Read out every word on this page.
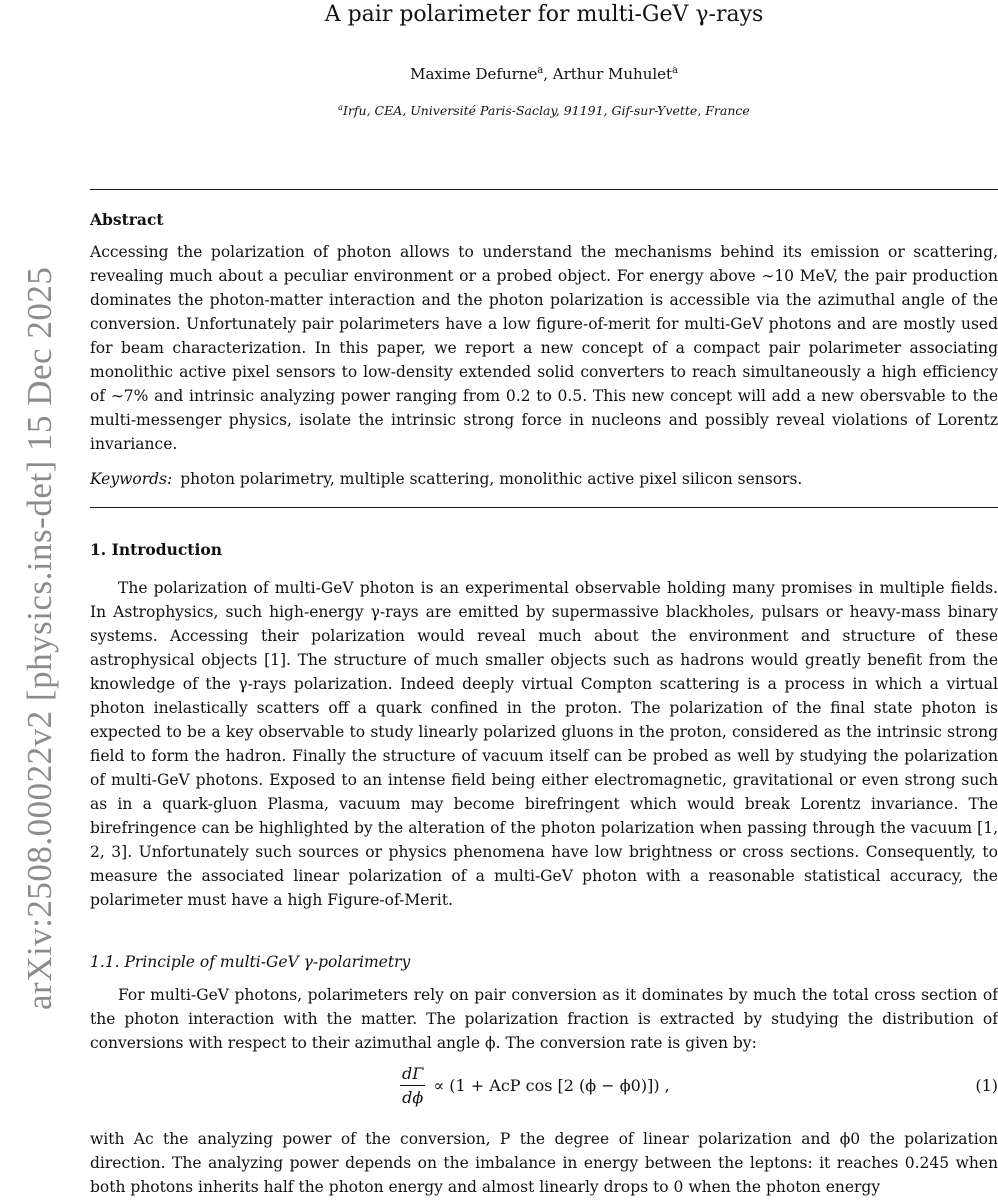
arXiv:2508.00022v2 [physics.ins-det] 15 Dec 2025
A pair polarimeter for multi-GeV γ-rays
Maxime Defurne$^a$, Arthur Muhulet$^a$
$^a$Irfu, CEA, Université Paris-Saclay, 91191, Gif-sur-Yvette, France
Abstract
Accessing the polarization of photon allows to understand the mechanisms behind its emission or scattering, revealing much about a peculiar environment or a probed object. For energy above ∼10 MeV, the pair production dominates the photon-matter interaction and the photon polarization is accessible via the azimuthal angle of the conversion. Unfortunately pair polarimeters have a low figure-of-merit for multi-GeV photons and are mostly used for beam characterization. In this paper, we report a new concept of a compact pair polarimeter associating monolithic active pixel sensors to low-density extended solid converters to reach simultaneously a high efficiency of ∼7% and intrinsic analyzing power ranging from 0.2 to 0.5. This new concept will add a new obersvable to the multi-messenger physics, isolate the intrinsic strong force in nucleons and possibly reveal violations of Lorentz invariance.
Keywords: photon polarimetry, multiple scattering, monolithic active pixel silicon sensors.
1. Introduction
The polarization of multi-GeV photon is an experimental observable holding many promises in multiple fields. In Astrophysics, such high-energy γ-rays are emitted by supermassive blackholes, pulsars or heavy-mass binary systems. Accessing their polarization would reveal much about the environment and structure of these astrophysical objects [1]. The structure of much smaller objects such as hadrons would greatly benefit from the knowledge of the γ-rays polarization. Indeed deeply virtual Compton scattering is a process in which a virtual photon inelastically scatters off a quark confined in the proton. The polarization of the final state photon is expected to be a key observable to study linearly polarized gluons in the proton, considered as the intrinsic strong field to form the hadron. Finally the structure of vacuum itself can be probed as well by studying the polarization of multi-GeV photons. Exposed to an intense field being either electromagnetic, gravitational or even strong such as in a quark-gluon Plasma, vacuum may become birefringent which would break Lorentz invariance. The birefringence can be highlighted by the alteration of the photon polarization when passing through the vacuum [1, 2, 3]. Unfortunately such sources or physics phenomena have low brightness or cross sections. Consequently, to measure the associated linear polarization of a multi-GeV photon with a reasonable statistical accuracy, the polarimeter must have a high Figure-of-Merit.
1.1. Principle of multi-GeV γ-polarimetry
For multi-GeV photons, polarimeters rely on pair conversion as it dominates by much the total cross section of the photon interaction with the matter. The polarization fraction is extracted by studying the distribution of conversions with respect to their azimuthal angle ϕ. The conversion rate is given by:
$\frac{d\Gamma}{d\phi} \propto (1$ + AcP cos [2 (ϕ − ϕ0)]) ,	(1)
with Ac the analyzing power of the conversion, P the degree of linear polarization and ϕ0 the polarization direction. The analyzing power depends on the imbalance in energy between the leptons: it reaches 0.245 when both photons inherits half the photon energy and almost linearly drops to 0 when the photon energy
